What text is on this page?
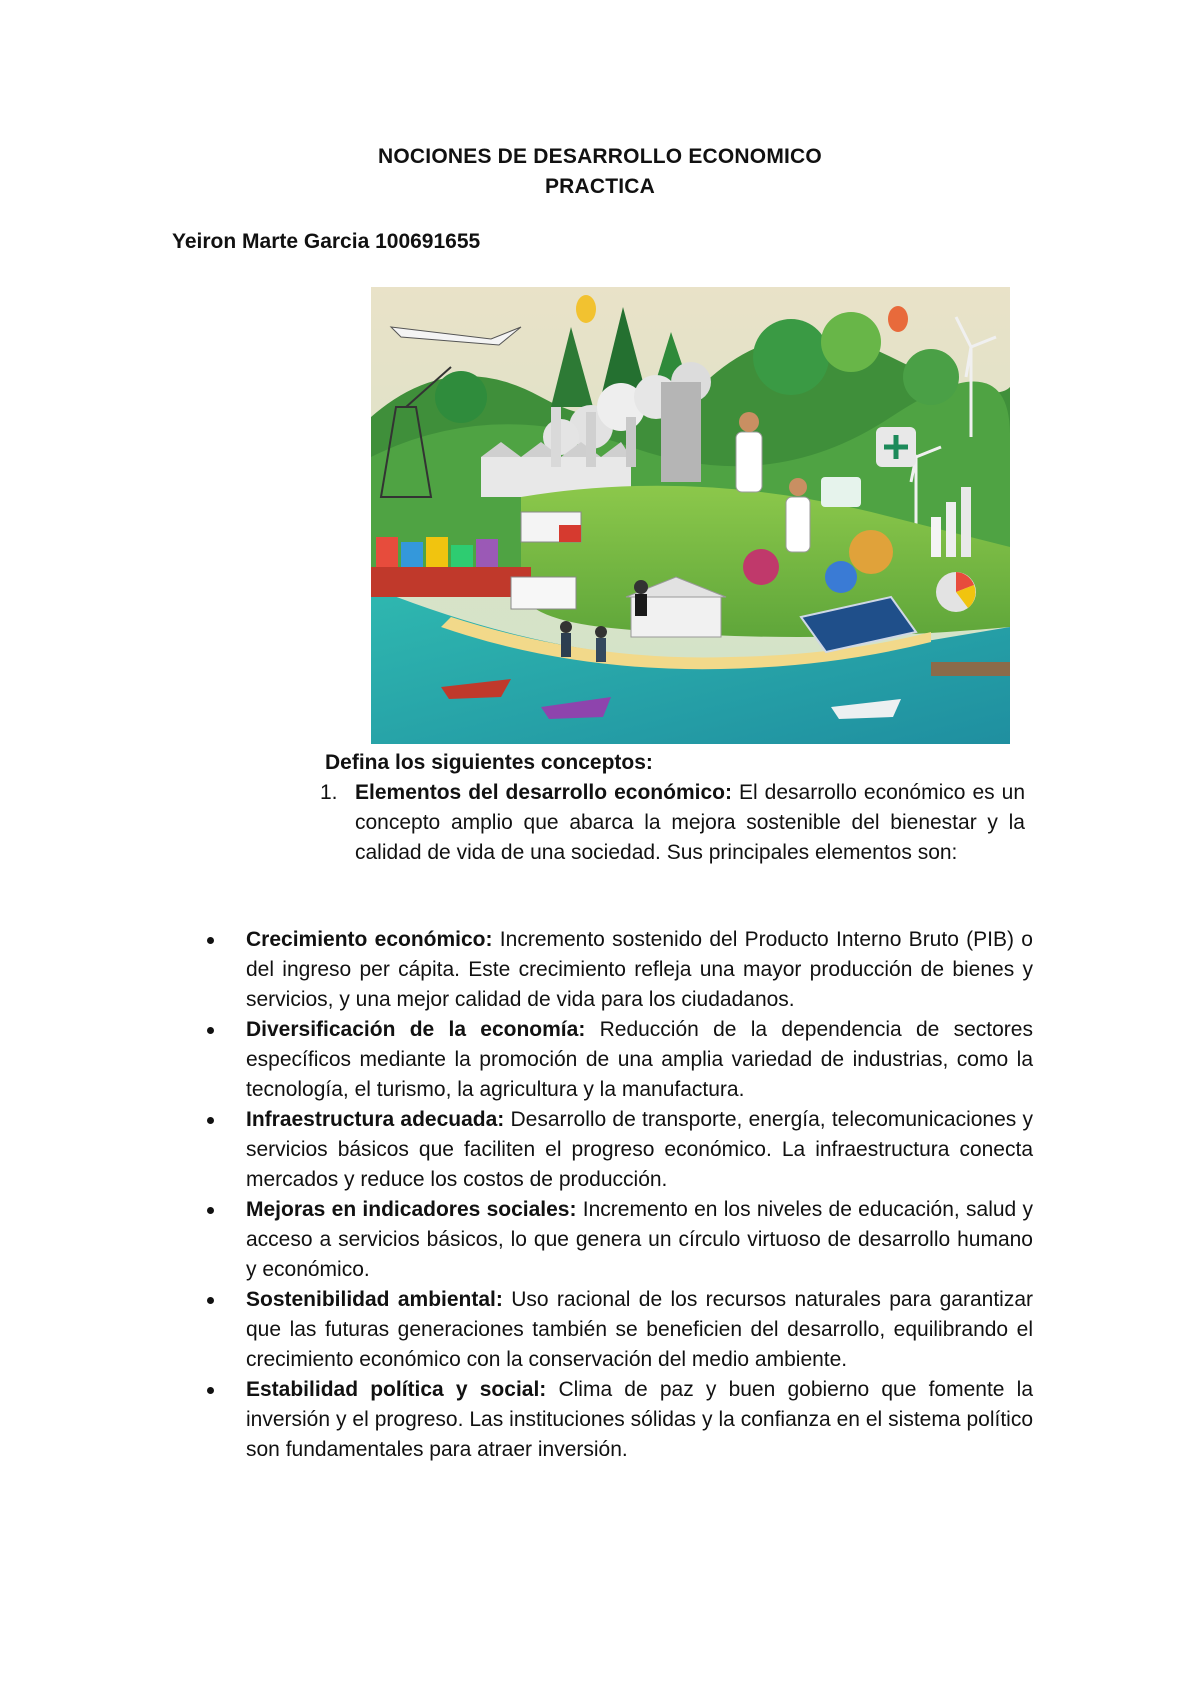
NOCIONES DE DESARROLLO ECONOMICO
PRACTICA
Yeiron Marte Garcia 100691655
Defina los siguientes conceptos:
1. Elementos del desarrollo económico: El desarrollo económico es un concepto amplio que abarca la mejora sostenible del bienestar y la calidad de vida de una sociedad. Sus principales elementos son:
Crecimiento económico: Incremento sostenido del Producto Interno Bruto (PIB) o del ingreso per cápita. Este crecimiento refleja una mayor producción de bienes y servicios, y una mejor calidad de vida para los ciudadanos.
Diversificación de la economía: Reducción de la dependencia de sectores específicos mediante la promoción de una amplia variedad de industrias, como la tecnología, el turismo, la agricultura y la manufactura.
Infraestructura adecuada: Desarrollo de transporte, energía, telecomunicaciones y servicios básicos que faciliten el progreso económico. La infraestructura conecta mercados y reduce los costos de producción.
Mejoras en indicadores sociales: Incremento en los niveles de educación, salud y acceso a servicios básicos, lo que genera un círculo virtuoso de desarrollo humano y económico.
Sostenibilidad ambiental: Uso racional de los recursos naturales para garantizar que las futuras generaciones también se beneficien del desarrollo, equilibrando el crecimiento económico con la conservación del medio ambiente.
Estabilidad política y social: Clima de paz y buen gobierno que fomente la inversión y el progreso. Las instituciones sólidas y la confianza en el sistema político son fundamentales para atraer inversión.
